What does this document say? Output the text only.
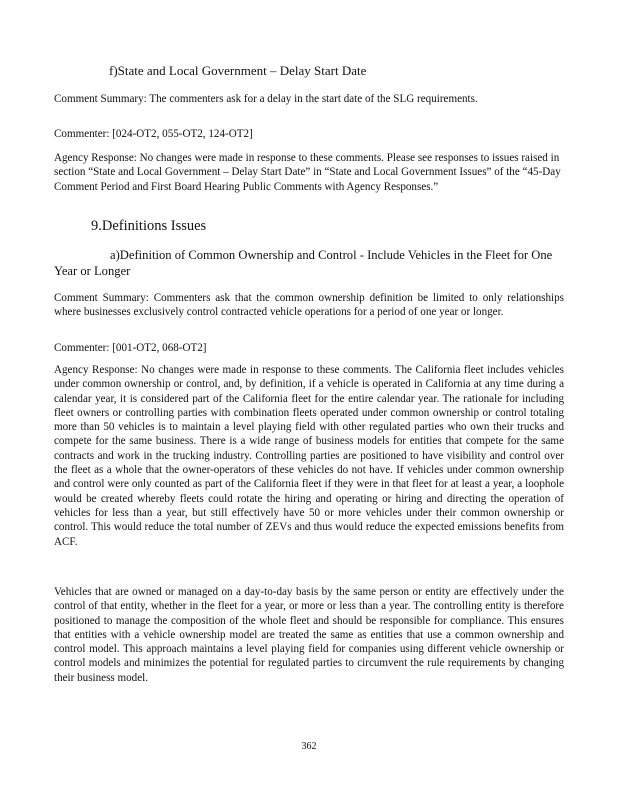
f)State and Local Government – Delay Start Date
Comment Summary: The commenters ask for a delay in the start date of the SLG requirements.
Commenter: [024-OT2, 055-OT2, 124-OT2]
Agency Response: No changes were made in response to these comments. Please see responses to issues raised in section “State and Local Government – Delay Start Date” in “State and Local Government Issues” of the “45-Day Comment Period and First Board Hearing Public Comments with Agency Responses.”
9.Definitions Issues
a)Definition of Common Ownership and Control - Include Vehicles in the Fleet for One Year or Longer
Comment Summary: Commenters ask that the common ownership definition be limited to only relationships where businesses exclusively control contracted vehicle operations for a period of one year or longer.
Commenter: [001-OT2, 068-OT2]
Agency Response: No changes were made in response to these comments. The California fleet includes vehicles under common ownership or control, and, by definition, if a vehicle is operated in California at any time during a calendar year, it is considered part of the California fleet for the entire calendar year. The rationale for including fleet owners or controlling parties with combination fleets operated under common ownership or control totaling more than 50 vehicles is to maintain a level playing field with other regulated parties who own their trucks and compete for the same business. There is a wide range of business models for entities that compete for the same contracts and work in the trucking industry. Controlling parties are positioned to have visibility and control over the fleet as a whole that the owner-operators of these vehicles do not have. If vehicles under common ownership and control were only counted as part of the California fleet if they were in that fleet for at least a year, a loophole would be created whereby fleets could rotate the hiring and operating or hiring and directing the operation of vehicles for less than a year, but still effectively have 50 or more vehicles under their common ownership or control. This would reduce the total number of ZEVs and thus would reduce the expected emissions benefits from ACF.
Vehicles that are owned or managed on a day-to-day basis by the same person or entity are effectively under the control of that entity, whether in the fleet for a year, or more or less than a year. The controlling entity is therefore positioned to manage the composition of the whole fleet and should be responsible for compliance. This ensures that entities with a vehicle ownership model are treated the same as entities that use a common ownership and control model. This approach maintains a level playing field for companies using different vehicle ownership or control models and minimizes the potential for regulated parties to circumvent the rule requirements by changing their business model.
362
